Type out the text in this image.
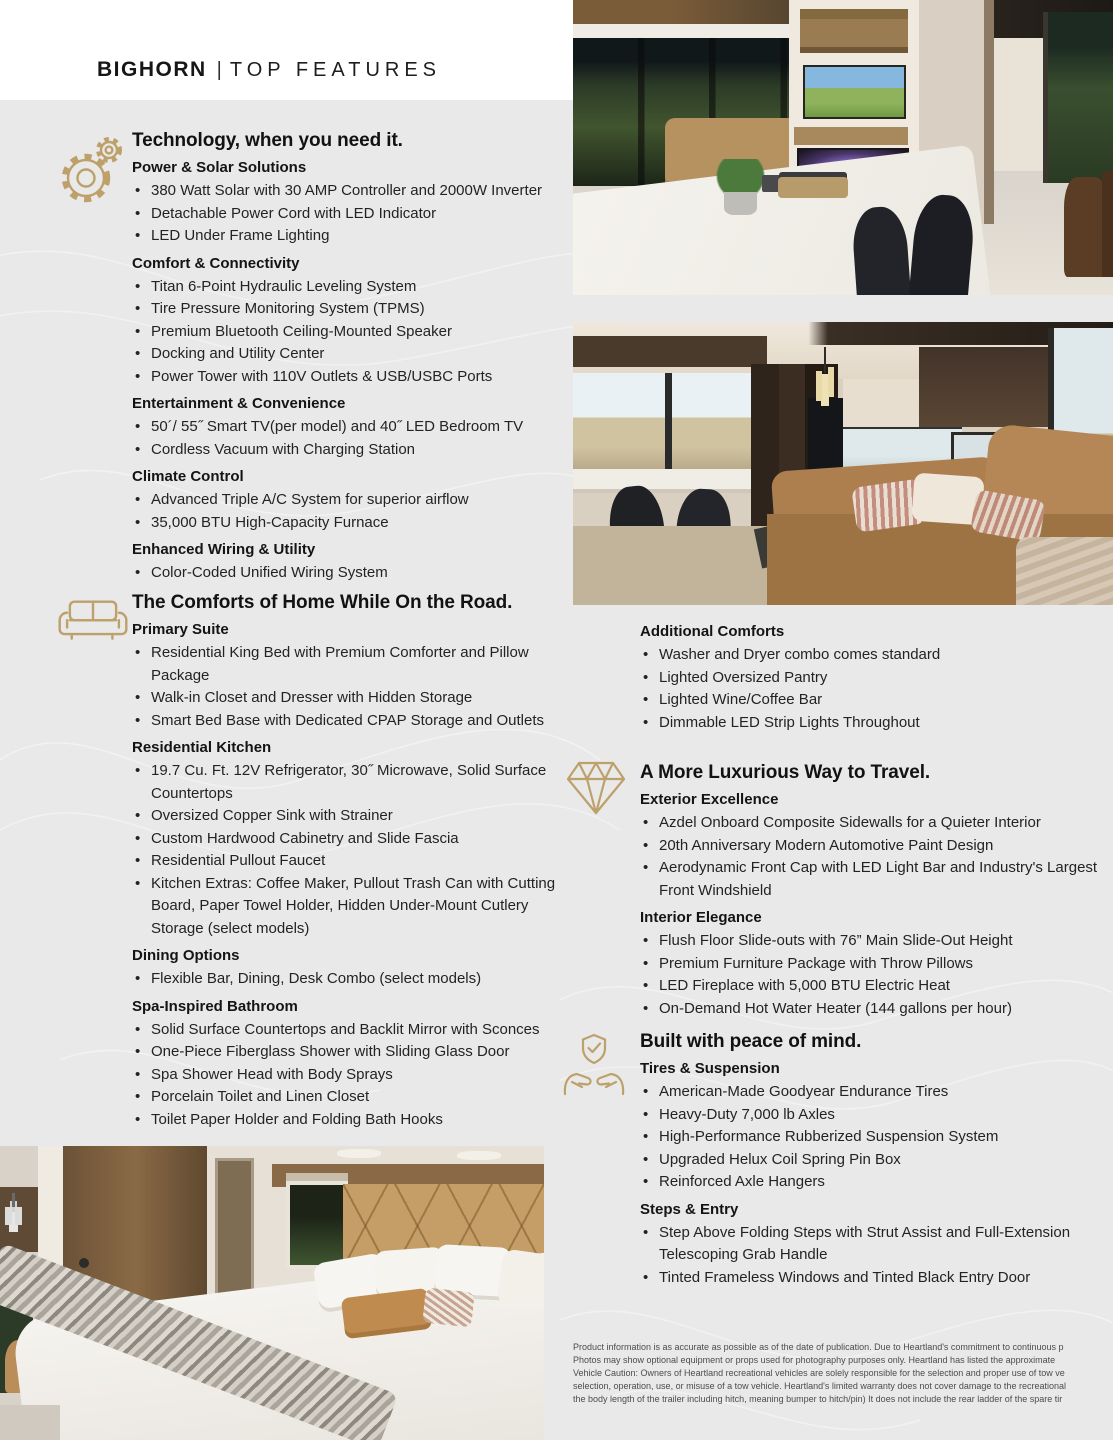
BIGHORN | TOP FEATURES
Technology, when you need it.
Power & Solar Solutions
• 380 Watt Solar with 30 AMP Controller and 2000W Inverter
• Detachable Power Cord with LED Indicator
• LED Under Frame Lighting
Comfort & Connectivity
• Titan 6-Point Hydraulic Leveling System
• Tire Pressure Monitoring System (TPMS)
• Premium Bluetooth Ceiling-Mounted Speaker
• Docking and Utility Center
• Power Tower with 110V Outlets & USB/USBC Ports
Entertainment & Convenience
• 50´/ 55˝ Smart TV(per model) and 40˝ LED Bedroom TV
• Cordless Vacuum with Charging Station
Climate Control
• Advanced Triple A/C System for superior airflow
• 35,000 BTU High-Capacity Furnace
Enhanced Wiring & Utility
• Color-Coded Unified Wiring System
The Comforts of Home While On the Road.
Primary Suite
• Residential King Bed with Premium Comforter and Pillow Package
• Walk-in Closet and Dresser with Hidden Storage
• Smart Bed Base with Dedicated CPAP Storage and Outlets
Residential Kitchen
• 19.7 Cu. Ft. 12V Refrigerator, 30˝ Microwave, Solid Surface Countertops
• Oversized Copper Sink with Strainer
• Custom Hardwood Cabinetry and Slide Fascia
• Residential Pullout Faucet
• Kitchen Extras: Coffee Maker, Pullout Trash Can with Cutting Board, Paper Towel Holder, Hidden Under-Mount Cutlery Storage (select models)
Dining Options
• Flexible Bar, Dining, Desk Combo (select models)
Spa-Inspired Bathroom
• Solid Surface Countertops and Backlit Mirror with Sconces
• One-Piece Fiberglass Shower with Sliding Glass Door
• Spa Shower Head with Body Sprays
• Porcelain Toilet and Linen Closet
• Toilet Paper Holder and Folding Bath Hooks
Additional Comforts
• Washer and Dryer combo comes standard
• Lighted Oversized Pantry
• Lighted Wine/Coffee Bar
• Dimmable LED Strip Lights Throughout
A More Luxurious Way to Travel.
Exterior Excellence
• Azdel Onboard Composite Sidewalls for a Quieter Interior
• 20th Anniversary Modern Automotive Paint Design
• Aerodynamic Front Cap with LED Light Bar and Industry's Largest Front Windshield
Interior Elegance
• Flush Floor Slide-outs with 76” Main Slide-Out Height
• Premium Furniture Package with Throw Pillows
• LED Fireplace with 5,000 BTU Electric Heat
• On-Demand Hot Water Heater (144 gallons per hour)
Built with peace of mind.
Tires & Suspension
• American-Made Goodyear Endurance Tires
• Heavy-Duty 7,000 lb Axles
• High-Performance Rubberized Suspension System
• Upgraded Helux Coil Spring Pin Box
• Reinforced Axle Hangers
Steps & Entry
• Step Above Folding Steps with Strut Assist and Full-Extension Telescoping Grab Handle
• Tinted Frameless Windows and Tinted Black Entry Door
Product information is as accurate as possible as of the date of publication. Due to Heartland's commitment to continuous p
Photos may show optional equipment or props used for photography purposes only. Heartland has listed the approximate
Vehicle Caution: Owners of Heartland recreational vehicles are solely responsible for the selection and proper use of tow ve
selection, operation, use, or misuse of a tow vehicle. Heartland's limited warranty does not cover damage to the recreational
the body length of the trailer including hitch, meaning bumper to hitch/pin) It does not include the rear ladder of the spare tir
